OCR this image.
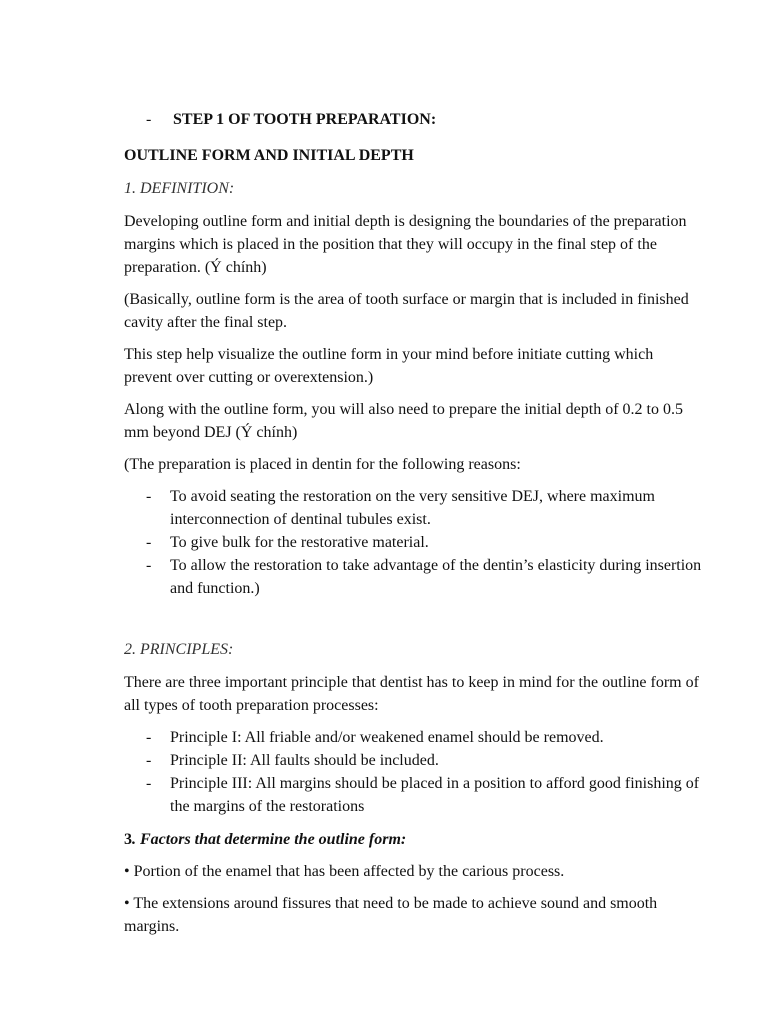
-	STEP 1 OF TOOTH PREPARATION:
OUTLINE FORM AND INITIAL DEPTH
1. DEFINITION:

Developing outline form and initial depth is designing the boundaries of the preparation margins which is placed in the position that they will occupy in the final step of the preparation. (Ý chính)

(Basically, outline form is the area of tooth surface or margin that is included in finished cavity after the final step.

This step help visualize the outline form in your mind before initiate cutting which prevent over cutting or overextension.)

Along with the outline form, you will also need to prepare the initial depth of 0.2 to 0.5 mm beyond DEJ (Ý chính)

(The preparation is placed in dentin for the following reasons:

-	To avoid seating the restoration on the very sensitive DEJ, where maximum interconnection of dentinal tubules exist.
-	To give bulk for the restorative material.
-	To allow the restoration to take advantage of the dentin’s elasticity during insertion and function.)
2. PRINCIPLES:

There are three important principle that dentist has to keep in mind for the outline form of all types of tooth preparation processes:

-	Principle I: All friable and/or weakened enamel should be removed.
-	Principle II: All faults should be included.
-	Principle III: All margins should be placed in a position to afford good finishing of the margins of the restorations
3. Factors that determine the outline form:

• Portion of the enamel that has been affected by the carious process.

• The extensions around fissures that need to be made to achieve sound and smooth margins.
